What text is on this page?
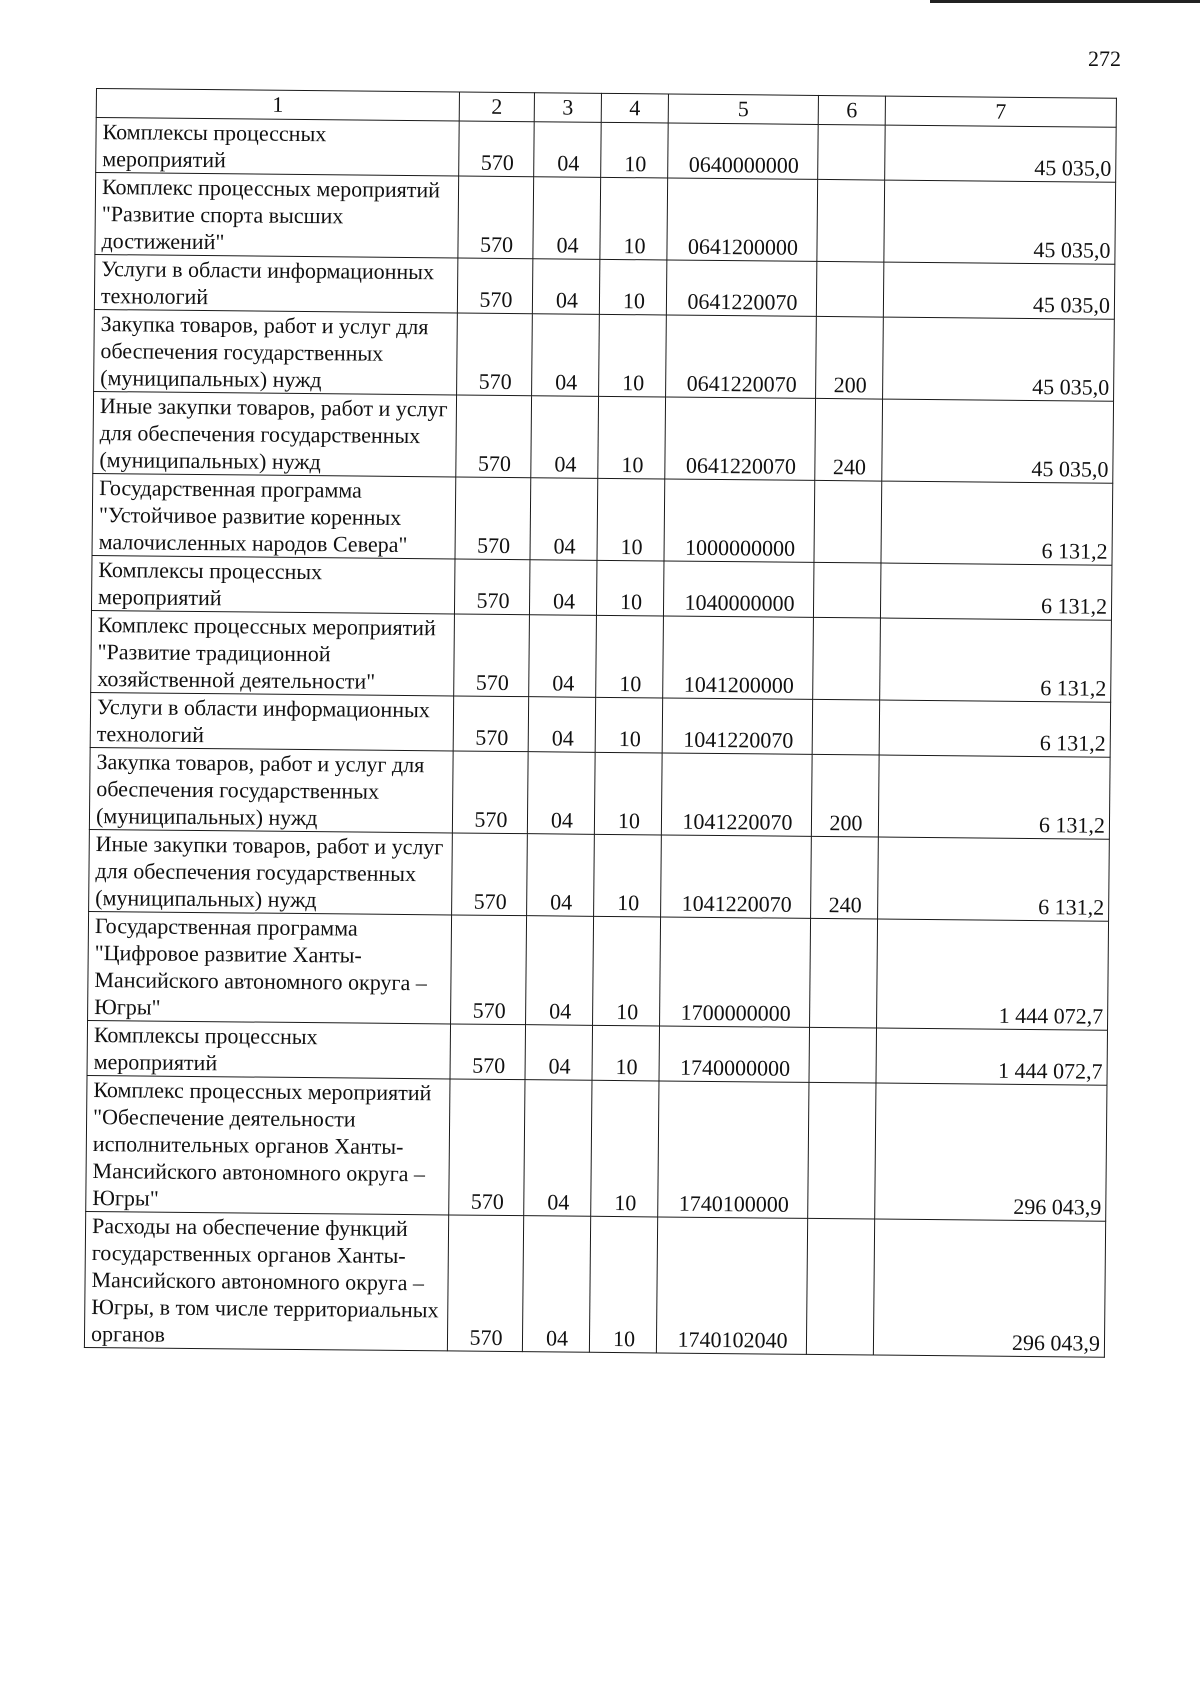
272
1	2	3	4	5	6	7
Комплексы процессных мероприятий	570	04	10	0640000000		45 035,0
Комплекс процессных мероприятий "Развитие спорта высших достижений"	570	04	10	0641200000		45 035,0
Услуги в области информационных технологий	570	04	10	0641220070		45 035,0
Закупка товаров, работ и услуг для обеспечения государственных (муниципальных) нужд	570	04	10	0641220070	200	45 035,0
Иные закупки товаров, работ и услуг для обеспечения государственных (муниципальных) нужд	570	04	10	0641220070	240	45 035,0
Государственная программа "Устойчивое развитие коренных малочисленных народов Севера"	570	04	10	1000000000		6 131,2
Комплексы процессных мероприятий	570	04	10	1040000000		6 131,2
Комплекс процессных мероприятий "Развитие традиционной хозяйственной деятельности"	570	04	10	1041200000		6 131,2
Услуги в области информационных технологий	570	04	10	1041220070		6 131,2
Закупка товаров, работ и услуг для обеспечения государственных (муниципальных) нужд	570	04	10	1041220070	200	6 131,2
Иные закупки товаров, работ и услуг для обеспечения государственных (муниципальных) нужд	570	04	10	1041220070	240	6 131,2
Государственная программа "Цифровое развитие Ханты-Мансийского автономного округа – Югры"	570	04	10	1700000000		1 444 072,7
Комплексы процессных мероприятий	570	04	10	1740000000		1 444 072,7
Комплекс процессных мероприятий "Обеспечение деятельности исполнительных органов Ханты-Мансийского автономного округа – Югры"	570	04	10	1740100000		296 043,9
Расходы на обеспечение функций государственных органов Ханты-Мансийского автономного округа – Югры, в том числе территориальных органов	570	04	10	1740102040		296 043,9
